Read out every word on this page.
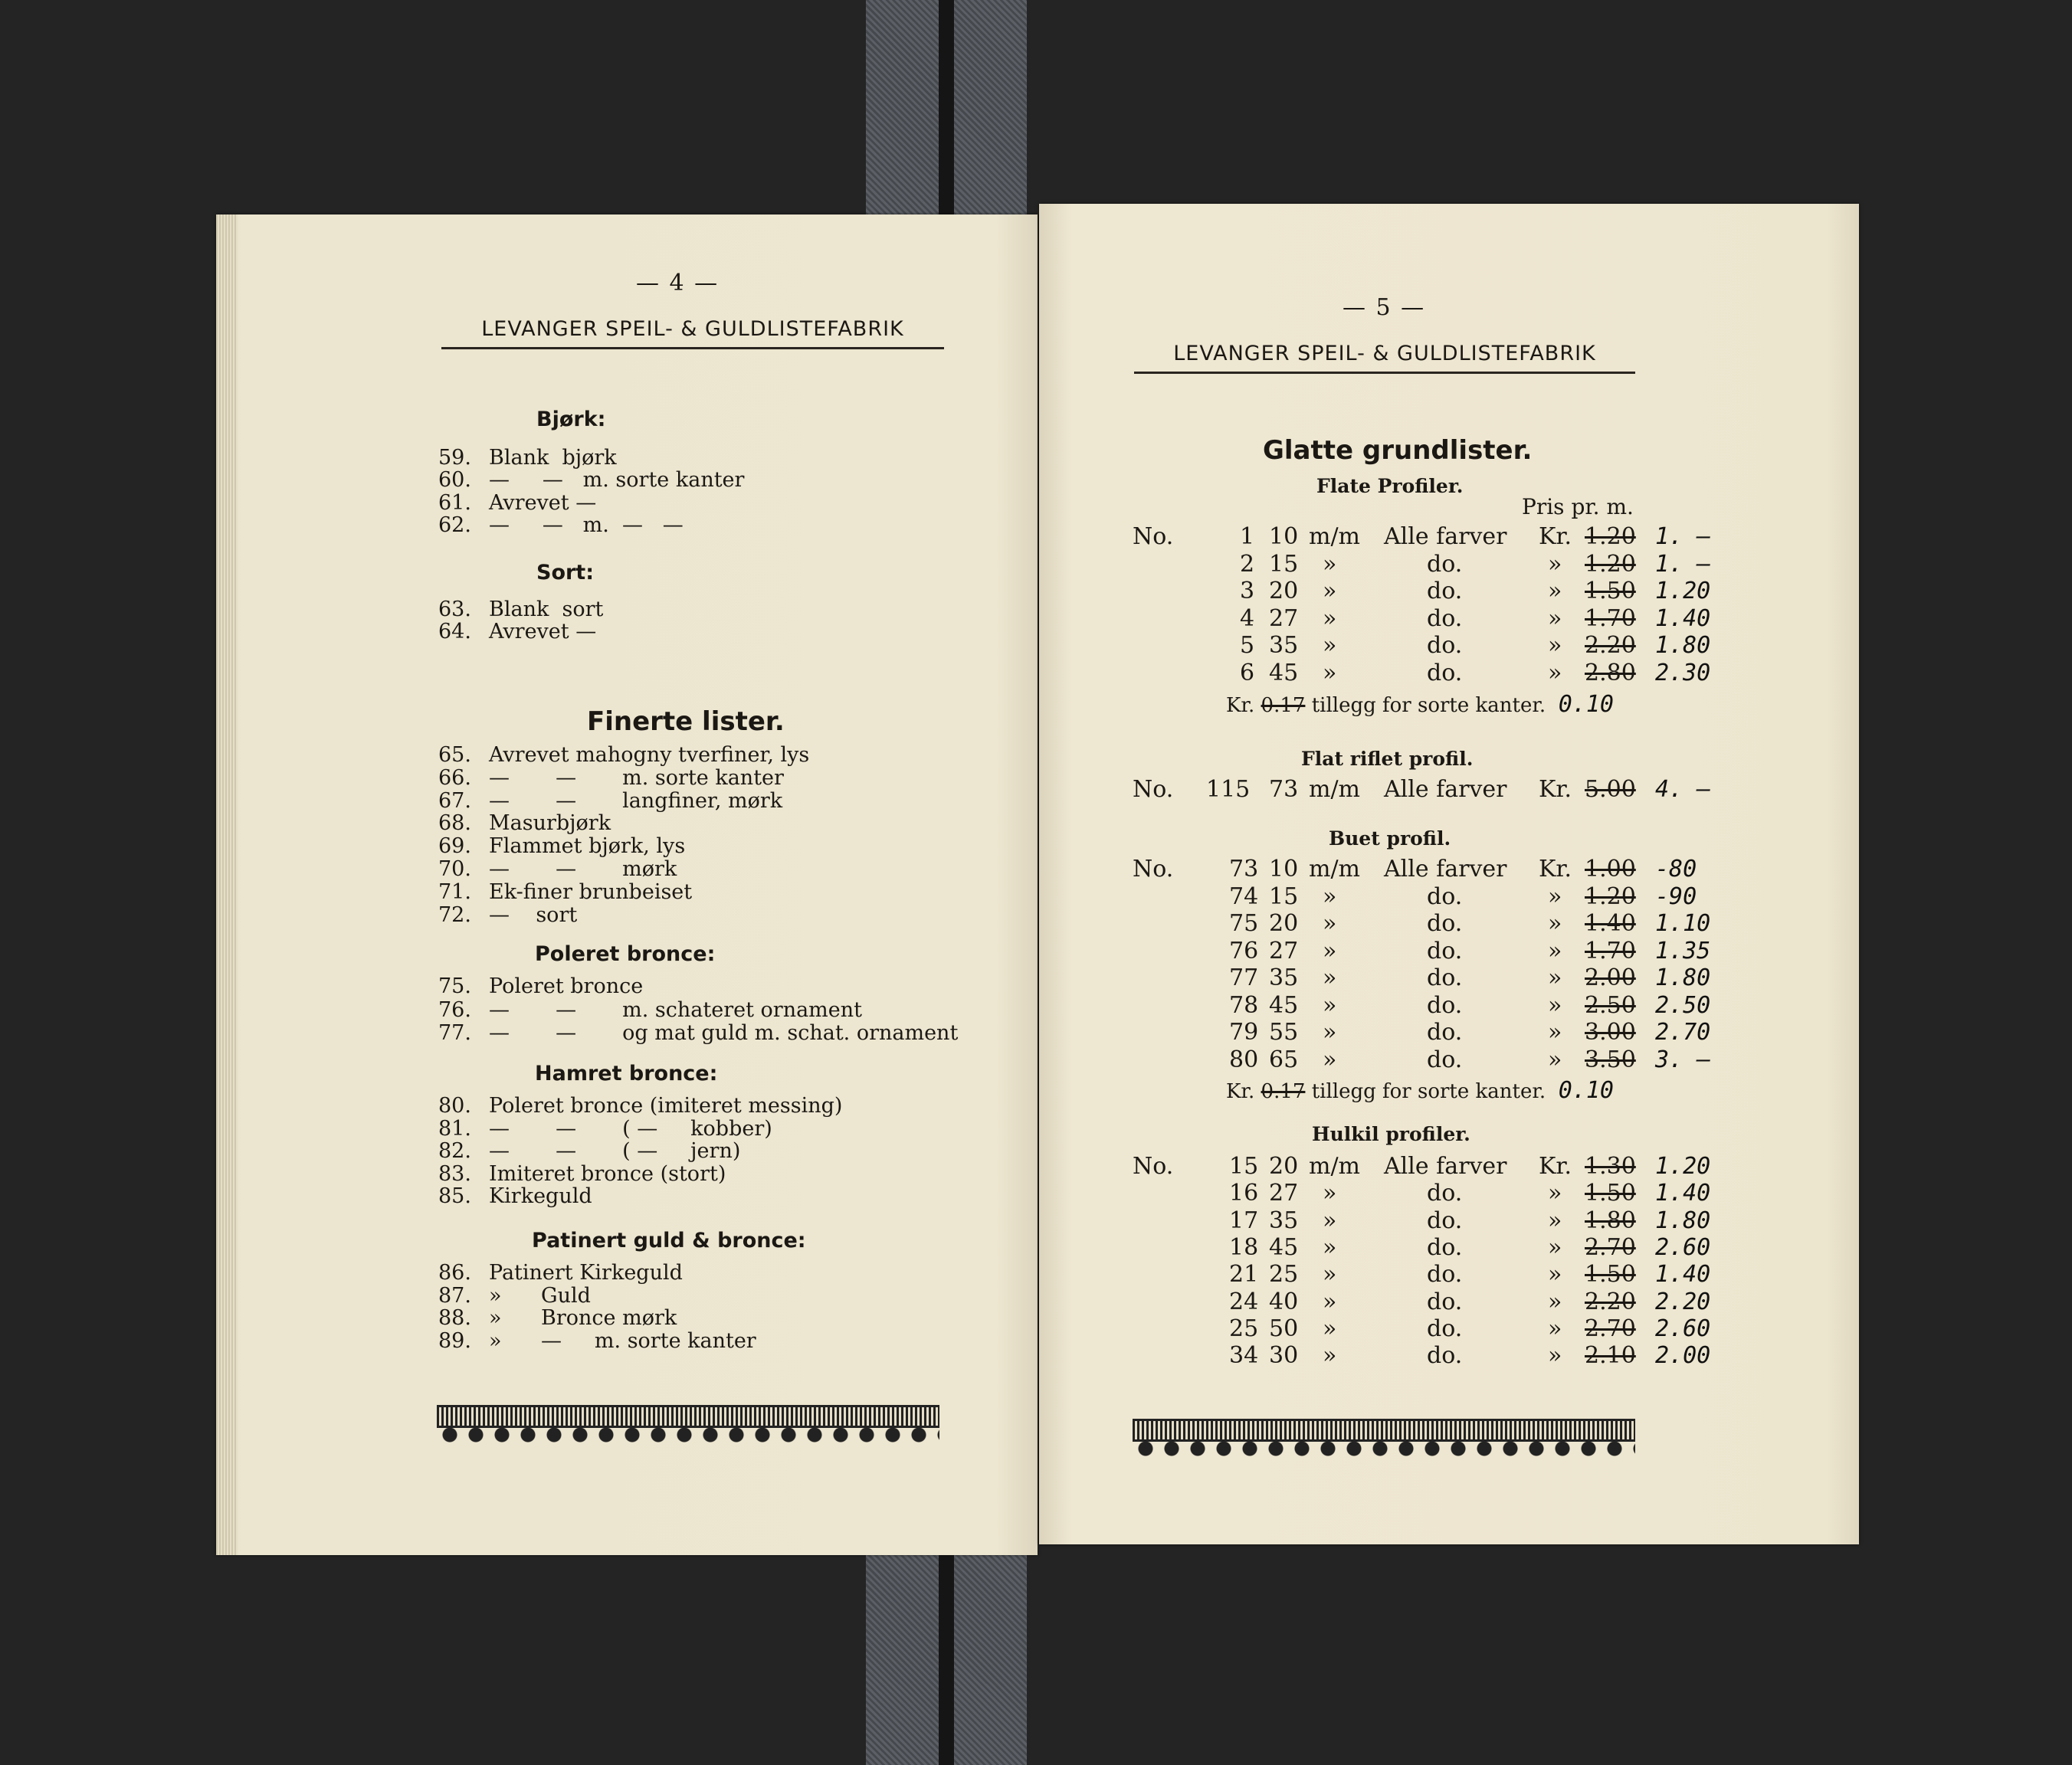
— 4 —
LEVANGER SPEIL- & GULDLISTEFABRIK
Bjørk:
59. Blank  bjørk
60. —     —   m. sorte kanter
61. Avrevet —
62. —     —   m.  —   —
Sort:
63. Blank  sort
64. Avrevet —
Finerte lister.
65. Avrevet mahogny tverfiner, lys
66. —       —       m. sorte kanter
67. —       —       langfiner, mørk
68. Masurbjørk
69. Flammet bjørk, lys
70. —       —       mørk
71. Ek-finer brunbeiset
72. —    sort
Poleret bronce:
75. Poleret bronce
76. —       —       m. schateret ornament
77. —       —       og mat guld m. schat. ornament
Hamret bronce:
80. Poleret bronce (imiteret messing)
81. —       —       ( —     kobber)
82. —       —       ( —     jern)
83. Imiteret bronce (stort)
85. Kirkeguld
Patinert guld & bronce:
86. Patinert Kirkeguld
87. »      Guld
88. »      Bronce mørk
89. »      —     m. sorte kanter
— 5 —
LEVANGER SPEIL- & GULDLISTEFABRIK
Glatte grundlister.
Pris pr. m.
Flate Profiler.
No.	1 10 m/m Alle farver Kr. 1.20 1. –
2 15 »	do.	» 1.20 1. –
3 20 »	do.	» 1.50 1.20
4 27 »	do.	» 1.70 1.40
5 35 »	do.	» 2.20 1.80
6 45 »	do.	» 2.80 2.30
Kr. 0.17 tillegg for sorte kanter. 0.10
Flat riflet profil.
No. 115 73 m/m Alle farver Kr. 5.00 4. –
Buet profil.
No. 73 10 m/m Alle farver Kr. 1.00 -80
74 15 »	do.	» 1.20 -90
75 20 »	do.	» 1.40 1.10
76 27 »	do.	» 1.70 1.35
77 35 »	do.	» 2.00 1.80
78 45 »	do.	» 2.50 2.50
79 55 »	do.	» 3.00 2.70
80 65 »	do.	» 3.50 3. –
Kr. 0.17 tillegg for sorte kanter. 0.10
Hulkil profiler.
No. 15 20 m/m Alle farver Kr. 1.30 1.20
16 27 »	do.	» 1.50 1.40
17 35 »	do.	» 1.80 1.80
18 45 »	do.	» 2.70 2.60
21 25 »	do.	» 1.50 1.40
24 40 »	do.	» 2.20 2.20
25 50 »	do.	» 2.70 2.60
34 30 »	do.	» 2.10 2.00
